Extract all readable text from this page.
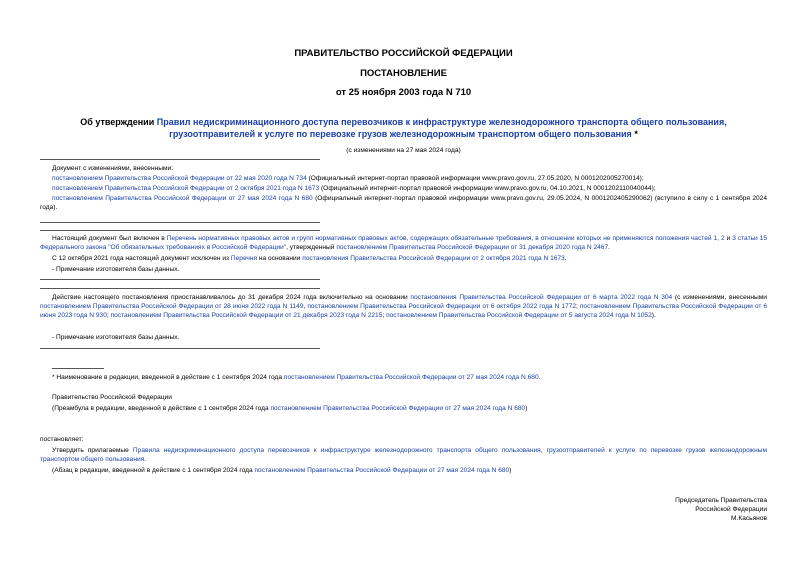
ПРАВИТЕЛЬСТВО РОССИЙСКОЙ ФЕДЕРАЦИИ
ПОСТАНОВЛЕНИЕ
от 25 ноября 2003 года N 710
Об утверждении Правил недискриминационного доступа перевозчиков к инфраструктуре железнодорожного транспорта общего пользования, грузоотправителей к услуге по перевозке грузов железнодорожным транспортом общего пользования *
(с изменениями на 27 мая 2024 года)
Документ с изменениями, внесенными:
постановлением Правительства Российской Федерации от 22 мая 2020 года N 734 (Официальный интернет-портал правовой информации www.pravo.gov.ru, 27.05.2020, N 0001202005270014);
постановлением Правительства Российской Федерации от 2 октября 2021 года N 1673 (Официальный интернет-портал правовой информации www.pravo.gov.ru, 04.10.2021, N 0001202110040044);
постановлением Правительства Российской Федерации от 27 мая 2024 года N 680 (Официальный интернет-портал правовой информации www.pravo.gov.ru, 29.05.2024, N 0001202405290062) (вступило в силу с 1 сентября 2024 года).
Настоящий документ был включен в Перечень нормативных правовых актов и групп нормативных правовых актов, содержащих обязательные требования, в отношении которых не применяются положения частей 1, 2 и 3 статьи 15 Федерального закона "Об обязательных требованиях в Российской Федерации", утвержденный постановлением Правительства Российской Федерации от 31 декабря 2020 года N 2467.
С 12 октября 2021 года настоящий документ исключен из Перечня на основании постановления Правительства Российской Федерации от 2 октября 2021 года N 1673.
- Примечание изготовителя базы данных.
Действие настоящего постановления приостанавливалось до 31 декабря 2024 года включительно на основании постановления Правительства Российской Федерации от 6 марта 2022 года N 304 (с изменениями, внесенными постановлением Правительства Российской Федерации от 28 июня 2022 года N 1149, постановлением Правительства Российской Федерации от 6 октября 2022 года N 1772; постановлением Правительства Российской Федерации от 6 июня 2023 года N 930; постановлением Правительства Российской Федерации от 21 декабря 2023 года N 2215; постановлением Правительства Российской Федерации от 5 августа 2024 года N 1052).
- Примечание изготовителя базы данных.
* Наименование в редакции, введенной в действие с 1 сентября 2024 года постановлением Правительства Российской Федерации от 27 мая 2024 года N 680.
Правительство Российской Федерации
(Преамбула в редакции, введенной в действие с 1 сентября 2024 года постановлением Правительства Российской Федерации от 27 мая 2024 года N 680)
постановляет:
Утвердить прилагаемые Правила недискриминационного доступа перевозчиков к инфраструктуре железнодорожного транспорта общего пользования, грузоотправителей к услуге по перевозке грузов железнодорожным транспортом общего пользования.
(Абзац в редакции, введенной в действие с 1 сентября 2024 года постановлением Правительства Российской Федерации от 27 мая 2024 года N 680)
Председатель Правительства
Российской Федерации
М.Касьянов
